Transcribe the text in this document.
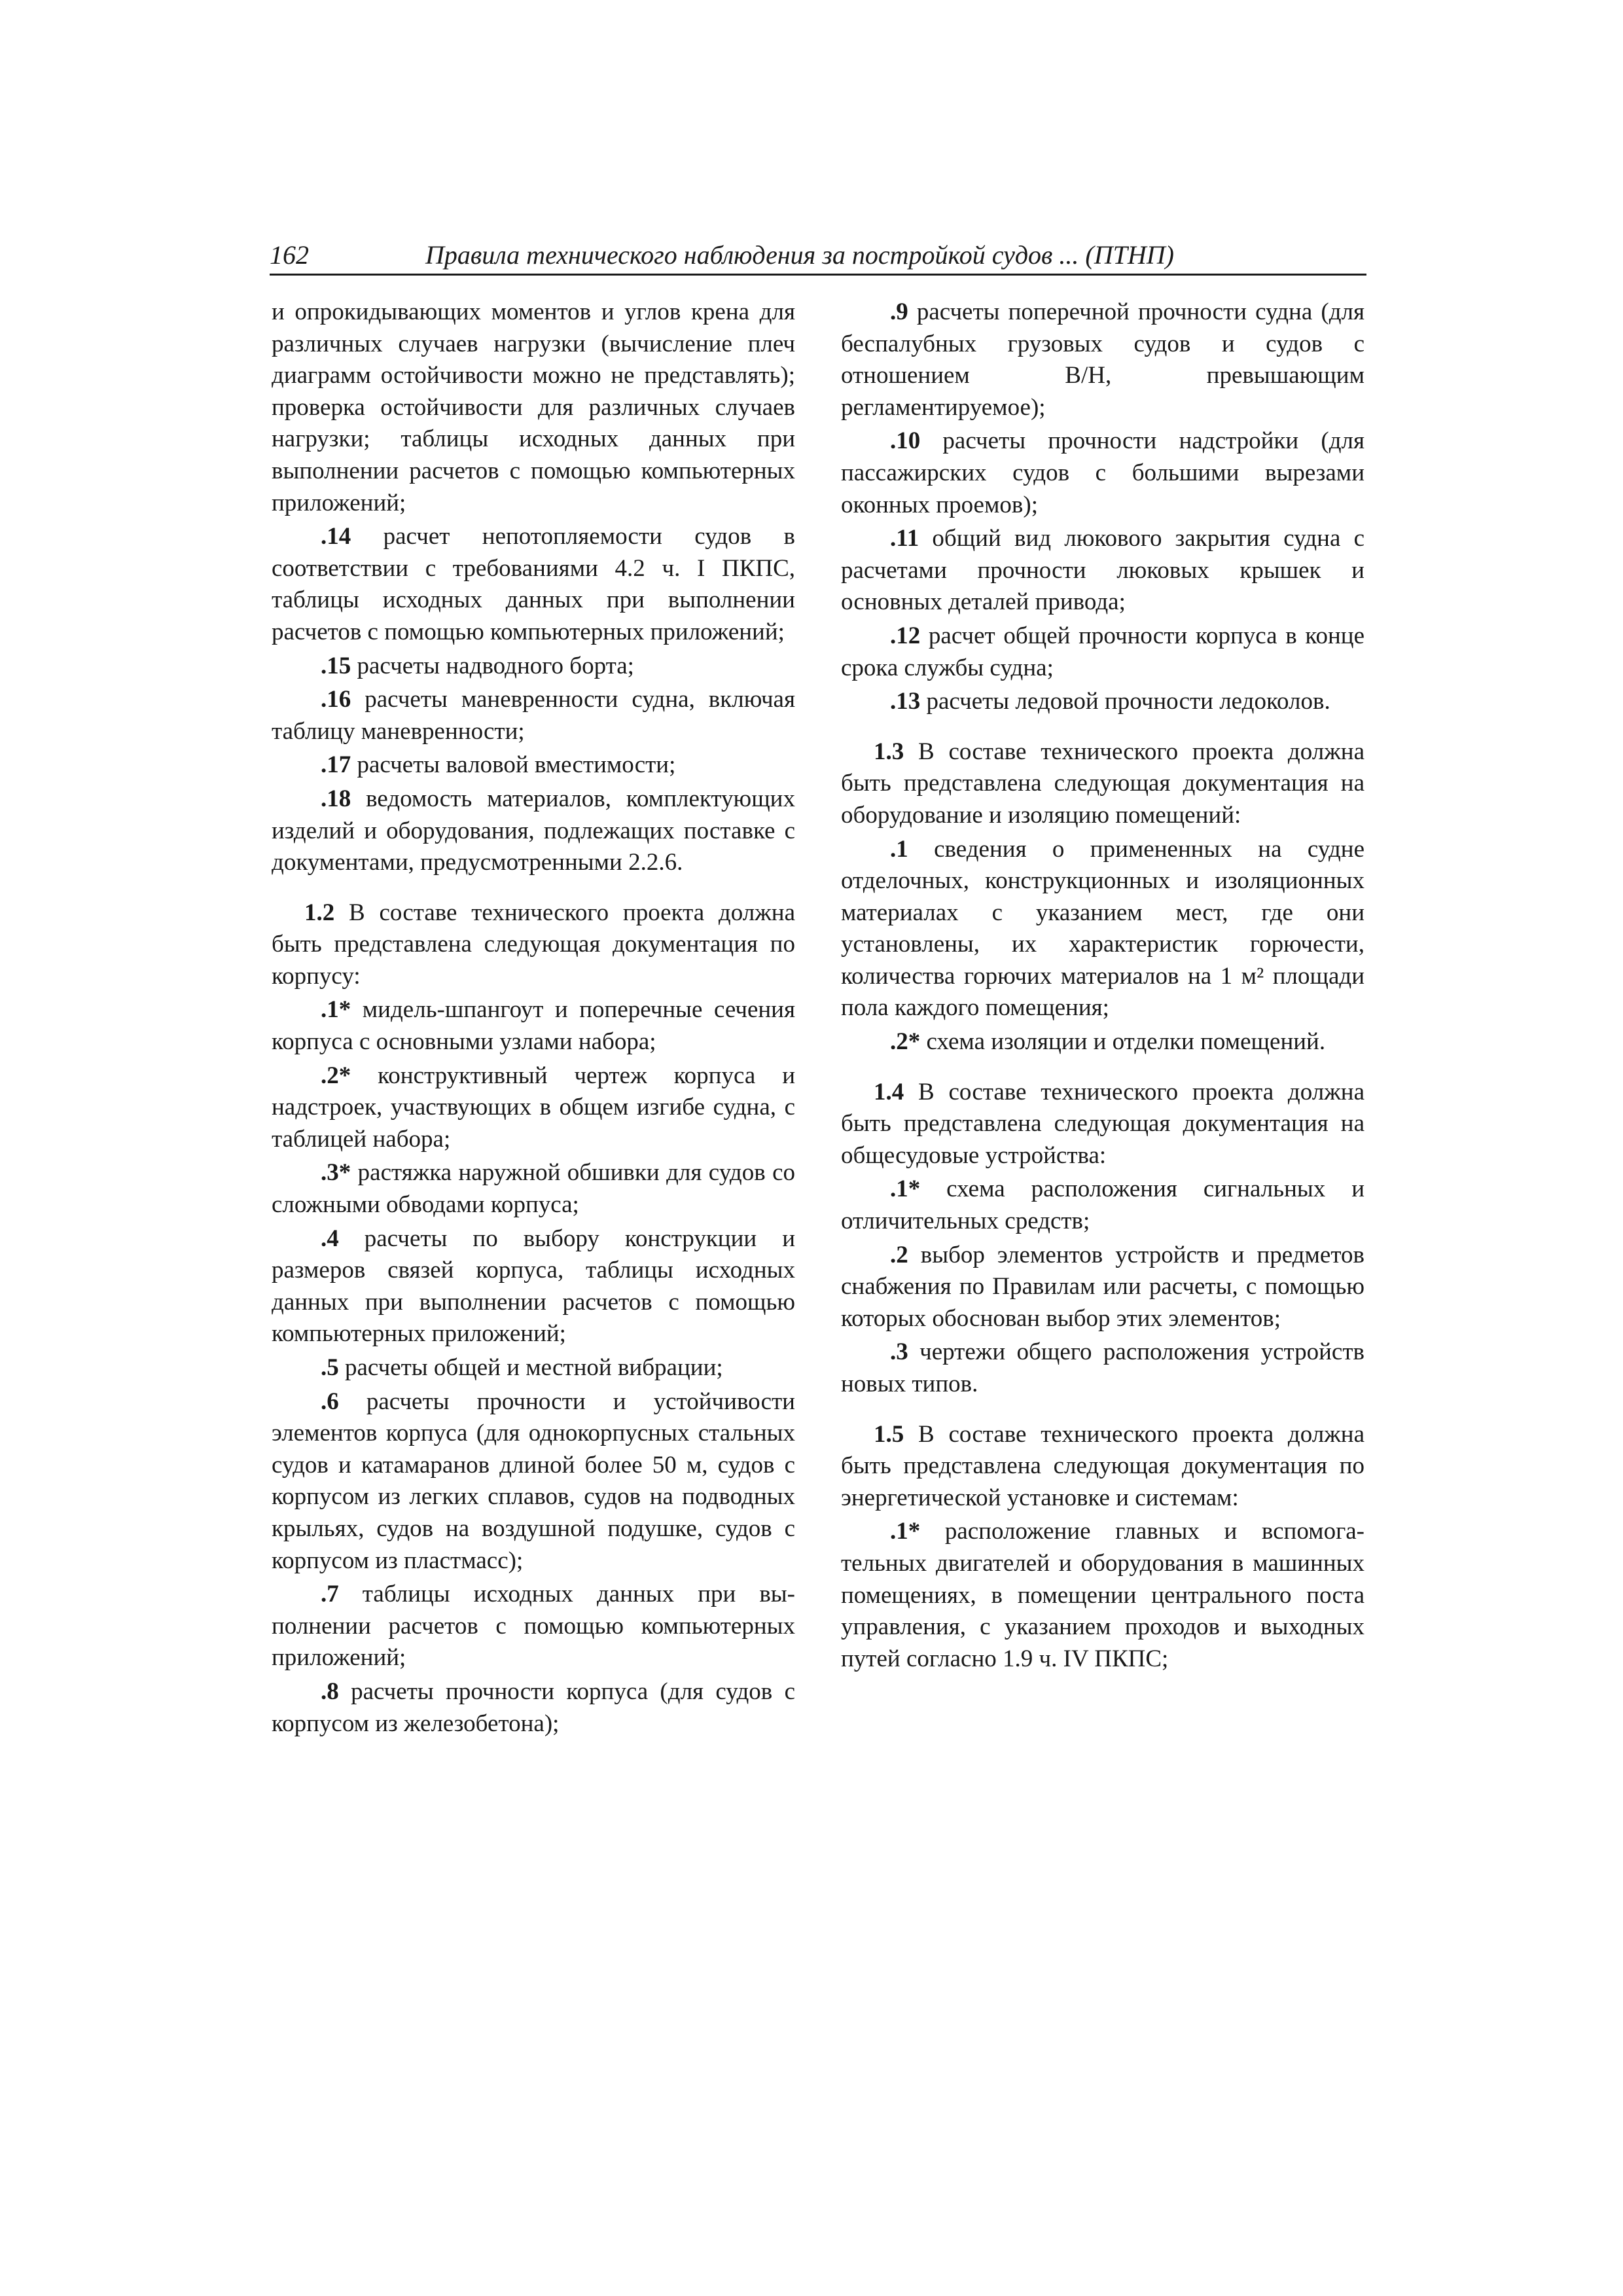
162	Правила технического наблюдения за постройкой судов ... (ПТНП)

и опрокидывающих моментов и углов крена для различных случаев нагрузки (вычисление плеч диаграмм остойчивости можно не представлять); проверка остойчивости для различных случаев нагрузки; таблицы исходных данных при выполнении расчетов с помощью компьютерных приложений;

.14 расчет непотопляемости судов в соответствии с требованиями 4.2 ч. I ПКПС, таблицы исходных данных при выполнении расчетов с помощью компьютерных приложений;

.15 расчеты надводного борта;

.16 расчеты маневренности судна, включая таблицу маневренности;

.17 расчеты валовой вместимости;

.18 ведомость материалов, комплектующих изделий и оборудования, подлежащих поставке с документами, предусмотренными 2.2.6.

1.2 В составе технического проекта должна быть представлена следующая документация по корпусу:

.1* мидель-шпангоут и поперечные сечения корпуса с основными узлами набора;

.2* конструктивный чертеж корпуса и надстроек, участвующих в общем изгибе судна, с таблицей набора;

.3* растяжка наружной обшивки для судов со сложными обводами корпуса;

.4 расчеты по выбору конструкции и размеров связей корпуса, таблицы исходных данных при выполнении расчетов с помощью компьютерных приложений;

.5 расчеты общей и местной вибрации;

.6 расчеты прочности и устойчивости элементов корпуса (для однокорпусных стальных судов и катамаранов длиной более 50 м, судов с корпусом из легких сплавов, судов на подводных крыльях, судов на воздушной подушке, судов с корпусом из пластмасс);

.7 таблицы исходных данных при выполнении расчетов с помощью компьютерных приложений;

.8 расчеты прочности корпуса (для судов с корпусом из железобетона);

.9 расчеты поперечной прочности судна (для беспалубных грузовых судов и судов с отношением B/H, превышающим регламентируемое);

.10 расчеты прочности надстройки (для пассажирских судов с большими вырезами оконных проемов);

.11 общий вид люкового закрытия судна с расчетами прочности люковых крышек и основных деталей привода;

.12 расчет общей прочности корпуса в конце срока службы судна;

.13 расчеты ледовой прочности ледоколов.

1.3 В составе технического проекта должна быть представлена следующая документация на оборудование и изоляцию помещений:

.1 сведения о примененных на судне отделочных, конструкционных и изоляционных материалах с указанием мест, где они установлены, их характеристик горючести, количества горючих материалов на 1 м² площади пола каждого помещения;

.2* схема изоляции и отделки помещений.

1.4 В составе технического проекта должна быть представлена следующая документация на общесудовые устройства:

.1* схема расположения сигнальных и отличительных средств;

.2 выбор элементов устройств и предметов снабжения по Правилам или расчеты, с помощью которых обоснован выбор этих элементов;

.3 чертежи общего расположения устройств новых типов.

1.5 В составе технического проекта должна быть представлена следующая документация по энергетической установке и системам:

.1* расположение главных и вспомогательных двигателей и оборудования в машинных помещениях, в помещении центрального поста управления, с указанием проходов и выходных путей согласно 1.9 ч. IV ПКПС;
